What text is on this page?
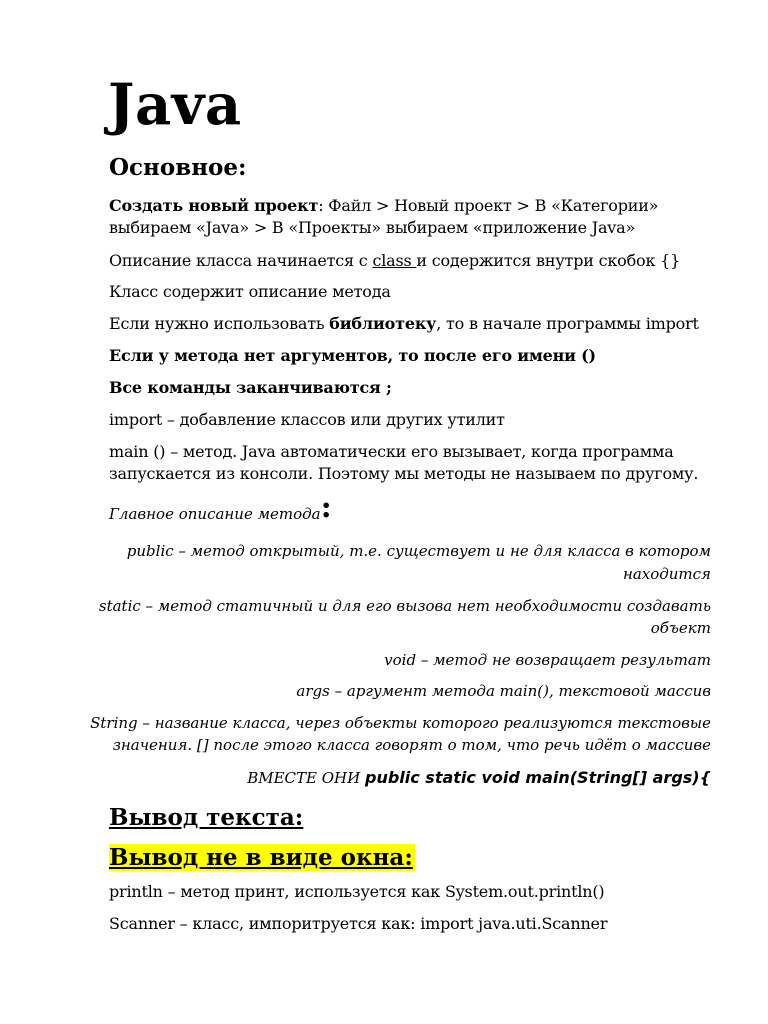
Java
Основное:
Создать новый проект: Файл > Новый проект > В «Категории»
выбираем «Java» > В «Проекты» выбираем «приложение Java»
Описание класса начинается с class и содержится внутри скобок {}
Класс содержит описание метода
Если нужно использовать библиотеку, то в начале программы import
Если у метода нет аргументов, то после его имени ()
Все команды заканчиваются ;
import – добавление классов или других утилит
main () – метод. Java автоматически его вызывает, когда программа
запускается из консоли. Поэтому мы методы не называем по другому.
Главное описание метода:
public – метод открытый, т.е. существует и не для класса в котором
находится
static – метод статичный и для его вызова нет необходимости создавать
объект
void – метод не возвращает результат
args – аргумент метода main(), текстовой массив
String – название класса, через объекты которого реализуются текстовые
значения. [] после этого класса говорят о том, что речь идёт о массиве
ВМЕСТЕ ОНИ public static void main(String[] args){
Вывод текста:
Вывод не в виде окна:
println – метод принт, используется как System.out.println()
Scanner – класс, импоритруется как: import java.uti.Scanner
